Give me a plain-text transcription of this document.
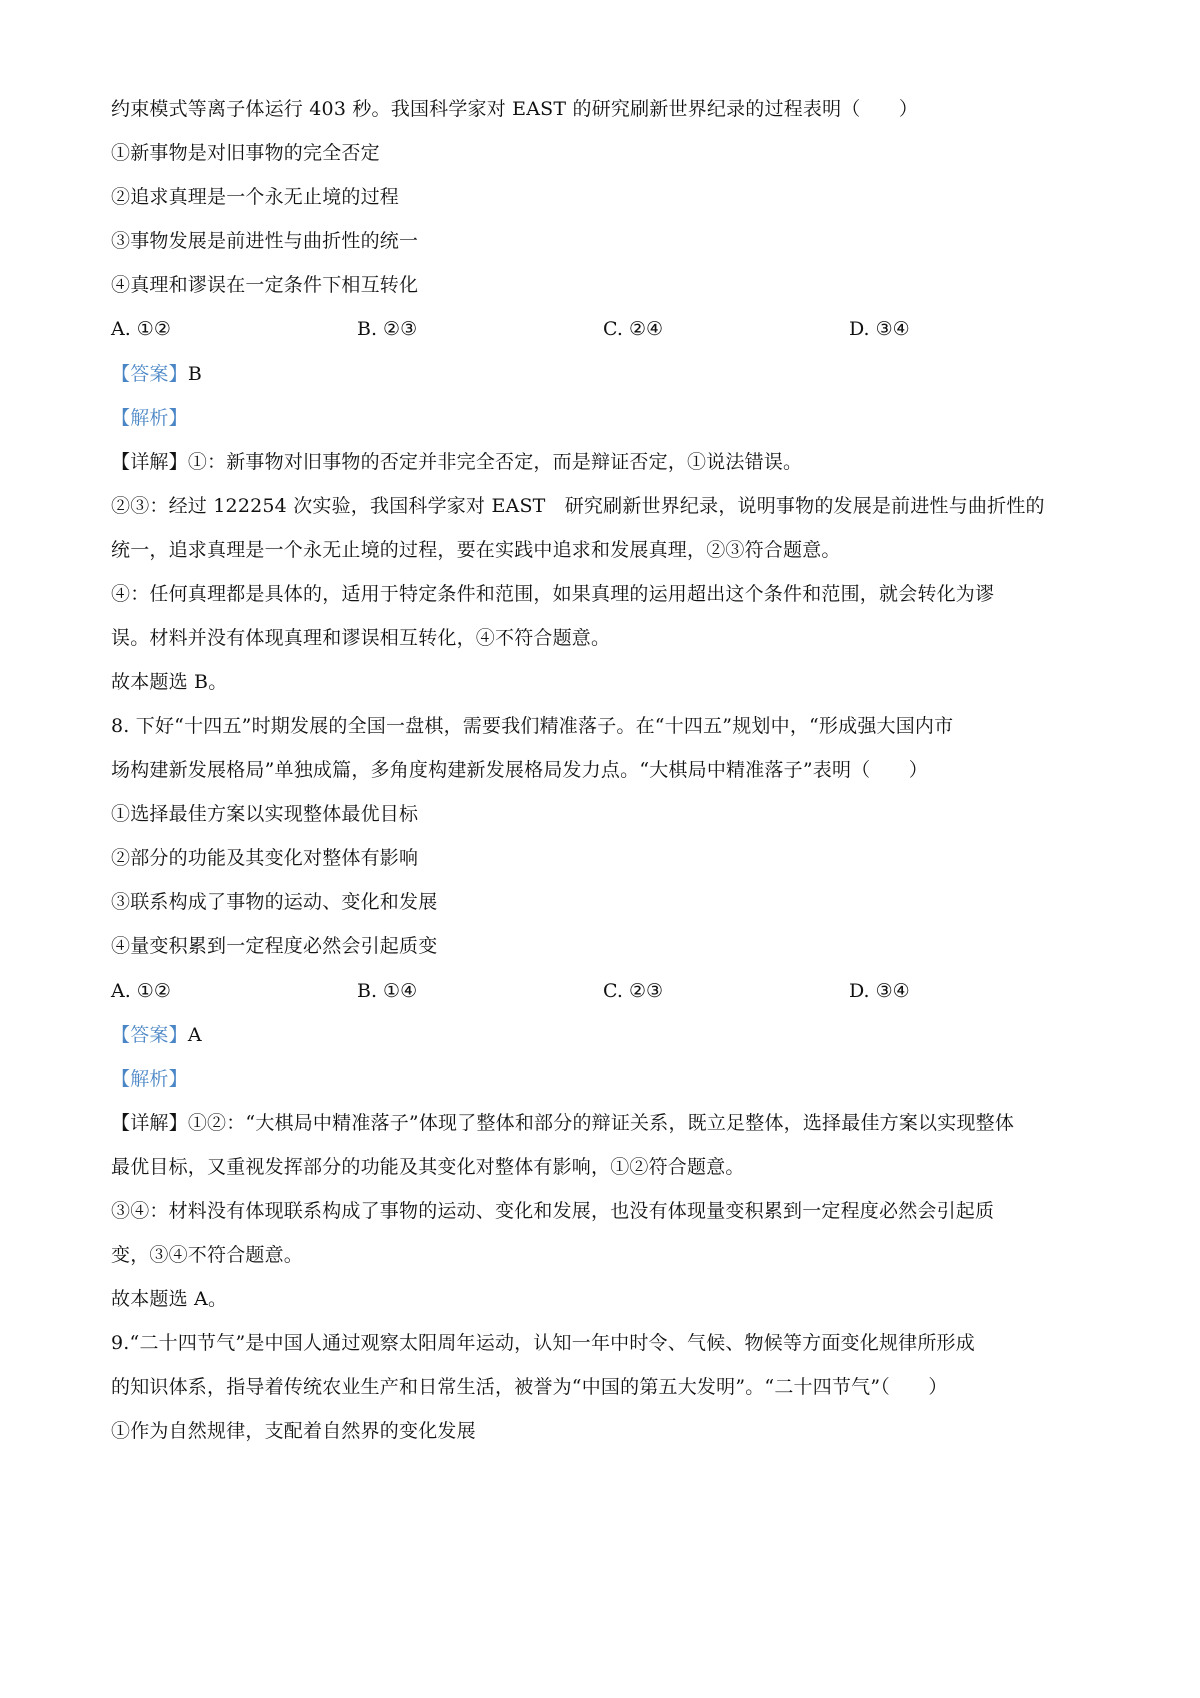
约束模式等离子体运行 403 秒。我国科学家对 EAST 的研究刷新世界纪录的过程表明（　　）
①新事物是对旧事物的完全否定
②追求真理是一个永无止境的过程
③事物发展是前进性与曲折性的统一
④真理和谬误在一定条件下相互转化
A. ①②	B. ②③	C. ②④	D. ③④
【答案】B
【解析】
【详解】①：新事物对旧事物的否定并非完全否定，而是辩证否定，①说法错误。
②③：经过 122254 次实验，我国科学家对 EAST　研究刷新世界纪录，说明事物的发展是前进性与曲折性的
统一，追求真理是一个永无止境的过程，要在实践中追求和发展真理，②③符合题意。
④：任何真理都是具体的，适用于特定条件和范围，如果真理的运用超出这个条件和范围，就会转化为谬
误。材料并没有体现真理和谬误相互转化，④不符合题意。
故本题选 B。
8. 下好“十四五”时期发展的全国一盘棋，需要我们精准落子。在“十四五”规划中，“形成强大国内市
场构建新发展格局”单独成篇，多角度构建新发展格局发力点。“大棋局中精准落子”表明（　　）
①选择最佳方案以实现整体最优目标
②部分的功能及其变化对整体有影响
③联系构成了事物的运动、变化和发展
④量变积累到一定程度必然会引起质变
A. ①②	B. ①④	C. ②③	D. ③④
【答案】A
【解析】
【详解】①②：“大棋局中精准落子”体现了整体和部分的辩证关系，既立足整体，选择最佳方案以实现整体
最优目标，又重视发挥部分的功能及其变化对整体有影响，①②符合题意。
③④：材料没有体现联系构成了事物的运动、变化和发展，也没有体现量变积累到一定程度必然会引起质
变，③④不符合题意。
故本题选 A。
9.“二十四节气”是中国人通过观察太阳周年运动，认知一年中时令、气候、物候等方面变化规律所形成
的知识体系，指导着传统农业生产和日常生活，被誉为“中国的第五大发明”。“二十四节气”（　　）
①作为自然规律，支配着自然界的变化发展
